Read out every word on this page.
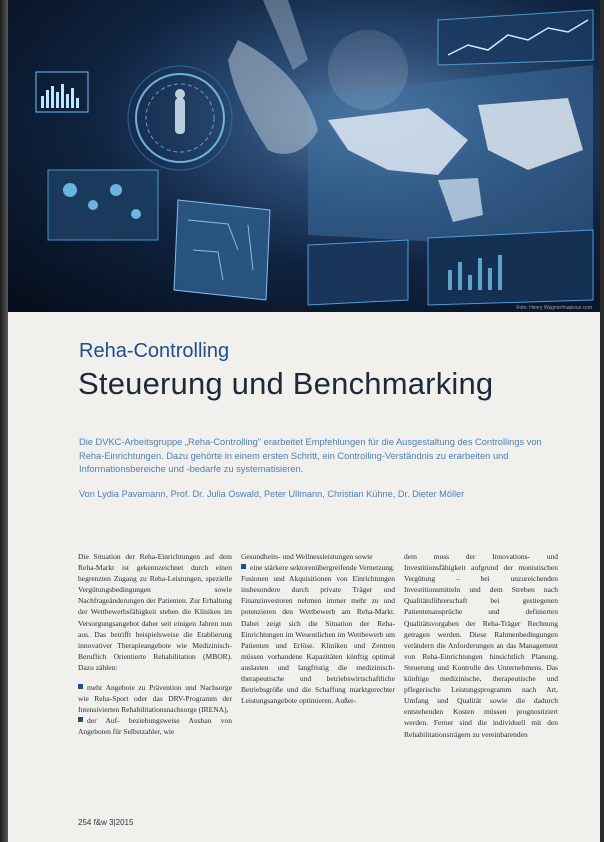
Foto: Henry Wagner/mapixus.com
Reha-Controlling
Steuerung und Benchmarking
Die DVKC-Arbeitsgruppe „Reha-Controlling" erarbeitet Empfehlungen für die Ausgestaltung des Controllings von Reha-Einrichtungen. Dazu gehörte in einem ersten Schritt, ein Controlling-Verständnis zu erarbeiten und Informationsbereiche und -bedarfe zu systematisieren.
Von Lydia Pavamann, Prof. Dr. Julia Oswald, Peter Ullmann, Christian Kühne, Dr. Dieter Möller

Die Situation der Reha-Einrichtungen auf dem Reha-Markt ist gekennzeichnet durch einen begrenzten Zugang zu Reha-Leistungen, spezielle Vergütungsbedingungen sowie Nachfrageänderungen der Patienten. Zur Erhaltung der Wettbewerbsfähigkeit stehen die Kliniken im Versorgungsangebot daher seit einigen Jahren nun aus. Das betrifft beispielsweise die Etablierung innovativer Therapieangebote wie Medizinisch-Beruflich Orientierte Rehabilitation (MBOR). Dazu zählen:

mehr Angebote zu Prävention und Nachsorge wie Reha-Sport oder das DRV-Programm der Intensivierten Rehabilitationsnachsorge (IRENA),

der Auf- beziehungsweise Ausbau von Angeboten für Selbstzahler, wie

Gesundheits- und Wellnessleistungen sowie

eine stärkere sektorenübergreifende Vernetzung.

Fusionen und Akquisitionen von Einrichtungen insbesondere durch private Träger und Finanzinvestoren nehmen immer mehr zu und potenzieren den Wettbewerb am Reha-Markt. Dabei zeigt sich die Situation der Reha-Einrichtungen im Wesentlichen im Wettbewerb um Patienten und Erlöse. Kliniken und Zentren müssen vorhandene Kapazitäten künftig optimal auslasten und langfristig die medizinisch-therapeutische und betriebswirtschaftliche Betriebsgröße und die Schaffung marktgerechter Leistungsangebote optimieren. Außer-

dem muss der Innovations- und Investitionsfähigkeit aufgrund der monistischen Vergütung – bei unzureichenden Investitionsmitteln und dem Streben nach Qualitätsführerschaft bei gestiegenen Patientenansprüche und definierten Qualitätsvorgaben der Reha-Träger Rechnung getragen werden. Diese Rahmenbedingungen verändern die Anforderungen an das Management von Reha-Einrichtungen hinsichtlich Planung, Steuerung und Kontrolle des Unternehmens. Das künftige medizinische, therapeutische und pflegerische Leistungsprogramm nach Art, Umfang und Qualität sowie die dadurch entstehenden Kosten müssen prognostiziert werden. Ferner sind die individuell mit den Rehabilitationsträgern zu vereinbarenden

254 f&w 3|2015
